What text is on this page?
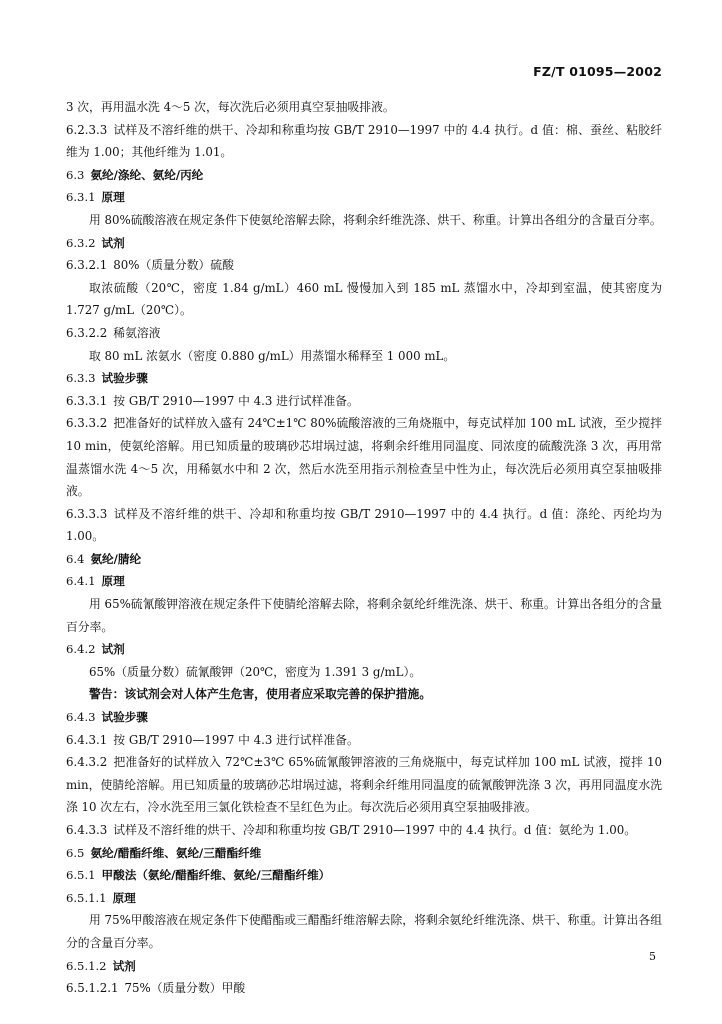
FZ/T 01095—2002

3 次，再用温水洗 4～5 次，每次洗后必须用真空泵抽吸排液。

6.2.3.3 试样及不溶纤维的烘干、冷却和称重均按 GB/T 2910—1997 中的 4.4 执行。d 值：棉、蚕丝、粘胶纤维为 1.00；其他纤维为 1.01。

6.3 氨纶/涤纶、氨纶/丙纶

6.3.1 原理

用 80%硫酸溶液在规定条件下使氨纶溶解去除，将剩余纤维洗涤、烘干、称重。计算出各组分的含量百分率。

6.3.2 试剂

6.3.2.1 80%（质量分数）硫酸

取浓硫酸（20℃，密度 1.84 g/mL）460 mL 慢慢加入到 185 mL 蒸馏水中，冷却到室温，使其密度为 1.727 g/mL（20℃）。

6.3.2.2 稀氨溶液

取 80 mL 浓氨水（密度 0.880 g/mL）用蒸馏水稀释至 1 000 mL。

6.3.3 试验步骤

6.3.3.1 按 GB/T 2910—1997 中 4.3 进行试样准备。

6.3.3.2 把准备好的试样放入盛有 24℃±1℃ 80%硫酸溶液的三角烧瓶中，每克试样加 100 mL 试液，至少搅拌 10 min，使氨纶溶解。用已知质量的玻璃砂芯坩埚过滤，将剩余纤维用同温度、同浓度的硫酸洗涤 3 次，再用常温蒸馏水洗 4～5 次，用稀氨水中和 2 次，然后水洗至用指示剂检查呈中性为止，每次洗后必须用真空泵抽吸排液。

6.3.3.3 试样及不溶纤维的烘干、冷却和称重均按 GB/T 2910—1997 中的 4.4 执行。d 值：涤纶、丙纶均为 1.00。

6.4 氨纶/腈纶

6.4.1 原理

用 65%硫氰酸钾溶液在规定条件下使腈纶溶解去除，将剩余氨纶纤维洗涤、烘干、称重。计算出各组分的含量百分率。

6.4.2 试剂

65%（质量分数）硫氰酸钾（20℃，密度为 1.391 3 g/mL）。

警告：该试剂会对人体产生危害，使用者应采取完善的保护措施。

6.4.3 试验步骤

6.4.3.1 按 GB/T 2910—1997 中 4.3 进行试样准备。

6.4.3.2 把准备好的试样放入 72℃±3℃ 65%硫氰酸钾溶液的三角烧瓶中，每克试样加 100 mL 试液，搅拌 10 min，使腈纶溶解。用已知质量的玻璃砂芯坩埚过滤，将剩余纤维用同温度的硫氰酸钾洗涤 3 次，再用同温度水洗涤 10 次左右，冷水洗至用三氯化铁检查不呈红色为止。每次洗后必须用真空泵抽吸排液。

6.4.3.3 试样及不溶纤维的烘干、冷却和称重均按 GB/T 2910—1997 中的 4.4 执行。d 值：氨纶为 1.00。

6.5 氨纶/醋酯纤维、氨纶/三醋酯纤维

6.5.1 甲酸法（氨纶/醋酯纤维、氨纶/三醋酯纤维）

6.5.1.1 原理

用 75%甲酸溶液在规定条件下使醋酯或三醋酯纤维溶解去除，将剩余氨纶纤维洗涤、烘干、称重。计算出各组分的含量百分率。

6.5.1.2 试剂

6.5.1.2.1 75%（质量分数）甲酸

5
